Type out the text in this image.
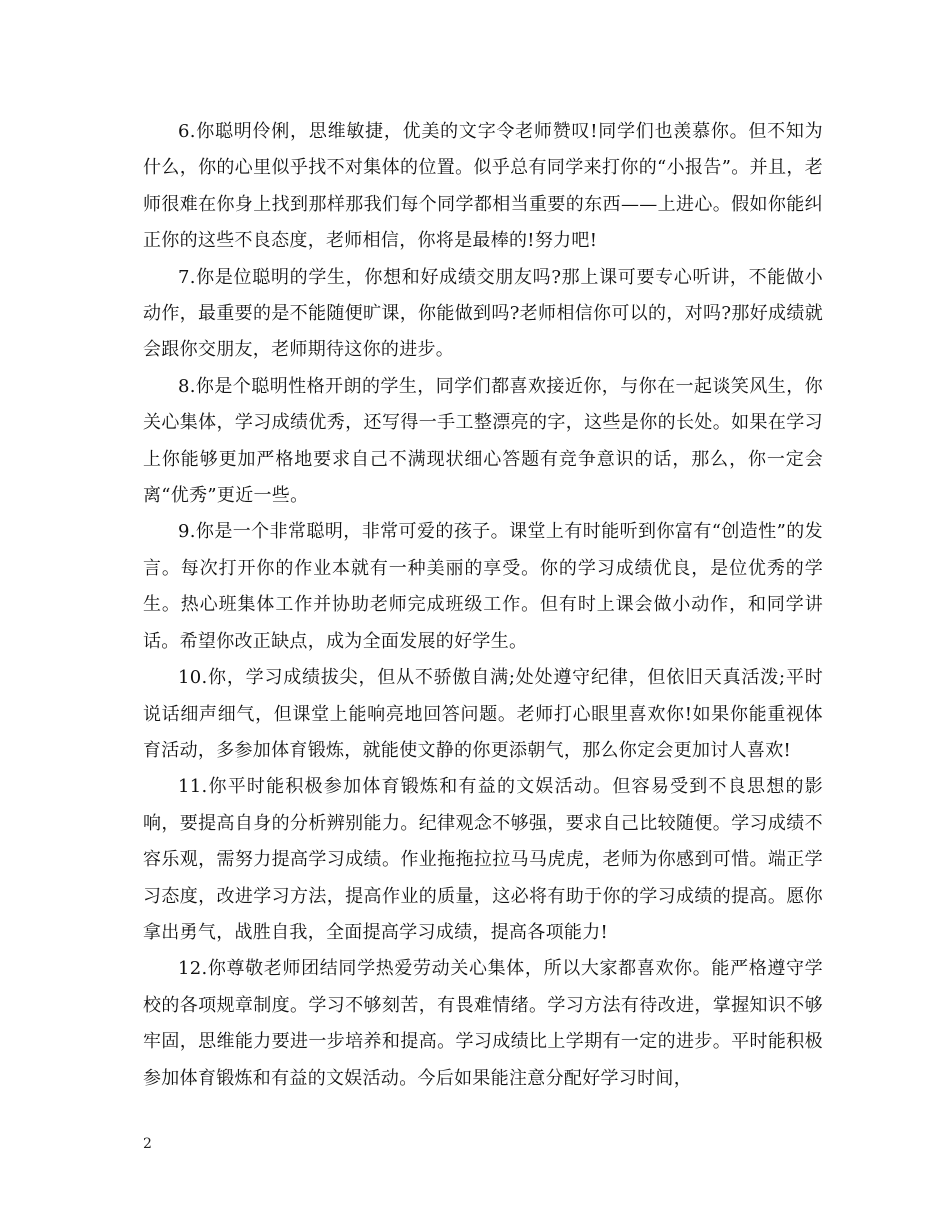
6.你聪明伶俐，思维敏捷，优美的文字令老师赞叹!同学们也羡慕你。但不知为什么，你的心里似乎找不对集体的位置。似乎总有同学来打你的“小报告”。并且，老师很难在你身上找到那样那我们每个同学都相当重要的东西——上进心。假如你能纠正你的这些不良态度，老师相信，你将是最棒的!努力吧!

7.你是位聪明的学生，你想和好成绩交朋友吗?那上课可要专心听讲，不能做小动作，最重要的是不能随便旷课，你能做到吗?老师相信你可以的，对吗?那好成绩就会跟你交朋友，老师期待这你的进步。

8.你是个聪明性格开朗的学生，同学们都喜欢接近你，与你在一起谈笑风生，你关心集体，学习成绩优秀，还写得一手工整漂亮的字，这些是你的长处。如果在学习上你能够更加严格地要求自己不满现状细心答题有竞争意识的话，那么，你一定会离“优秀”更近一些。

9.你是一个非常聪明，非常可爱的孩子。课堂上有时能听到你富有“创造性”的发言。每次打开你的作业本就有一种美丽的享受。你的学习成绩优良，是位优秀的学生。热心班集体工作并协助老师完成班级工作。但有时上课会做小动作，和同学讲话。希望你改正缺点，成为全面发展的好学生。

10.你，学习成绩拔尖，但从不骄傲自满;处处遵守纪律，但依旧天真活泼;平时说话细声细气，但课堂上能响亮地回答问题。老师打心眼里喜欢你!如果你能重视体育活动，多参加体育锻炼，就能使文静的你更添朝气，那么你定会更加讨人喜欢!

11.你平时能积极参加体育锻炼和有益的文娱活动。但容易受到不良思想的影响，要提高自身的分析辨别能力。纪律观念不够强，要求自己比较随便。学习成绩不容乐观，需努力提高学习成绩。作业拖拖拉拉马马虎虎，老师为你感到可惜。端正学习态度，改进学习方法，提高作业的质量，这必将有助于你的学习成绩的提高。愿你拿出勇气，战胜自我，全面提高学习成绩，提高各项能力!

12.你尊敬老师团结同学热爱劳动关心集体，所以大家都喜欢你。能严格遵守学校的各项规章制度。学习不够刻苦，有畏难情绪。学习方法有待改进，掌握知识不够牢固，思维能力要进一步培养和提高。学习成绩比上学期有一定的进步。平时能积极参加体育锻炼和有益的文娱活动。今后如果能注意分配好学习时间，

2
